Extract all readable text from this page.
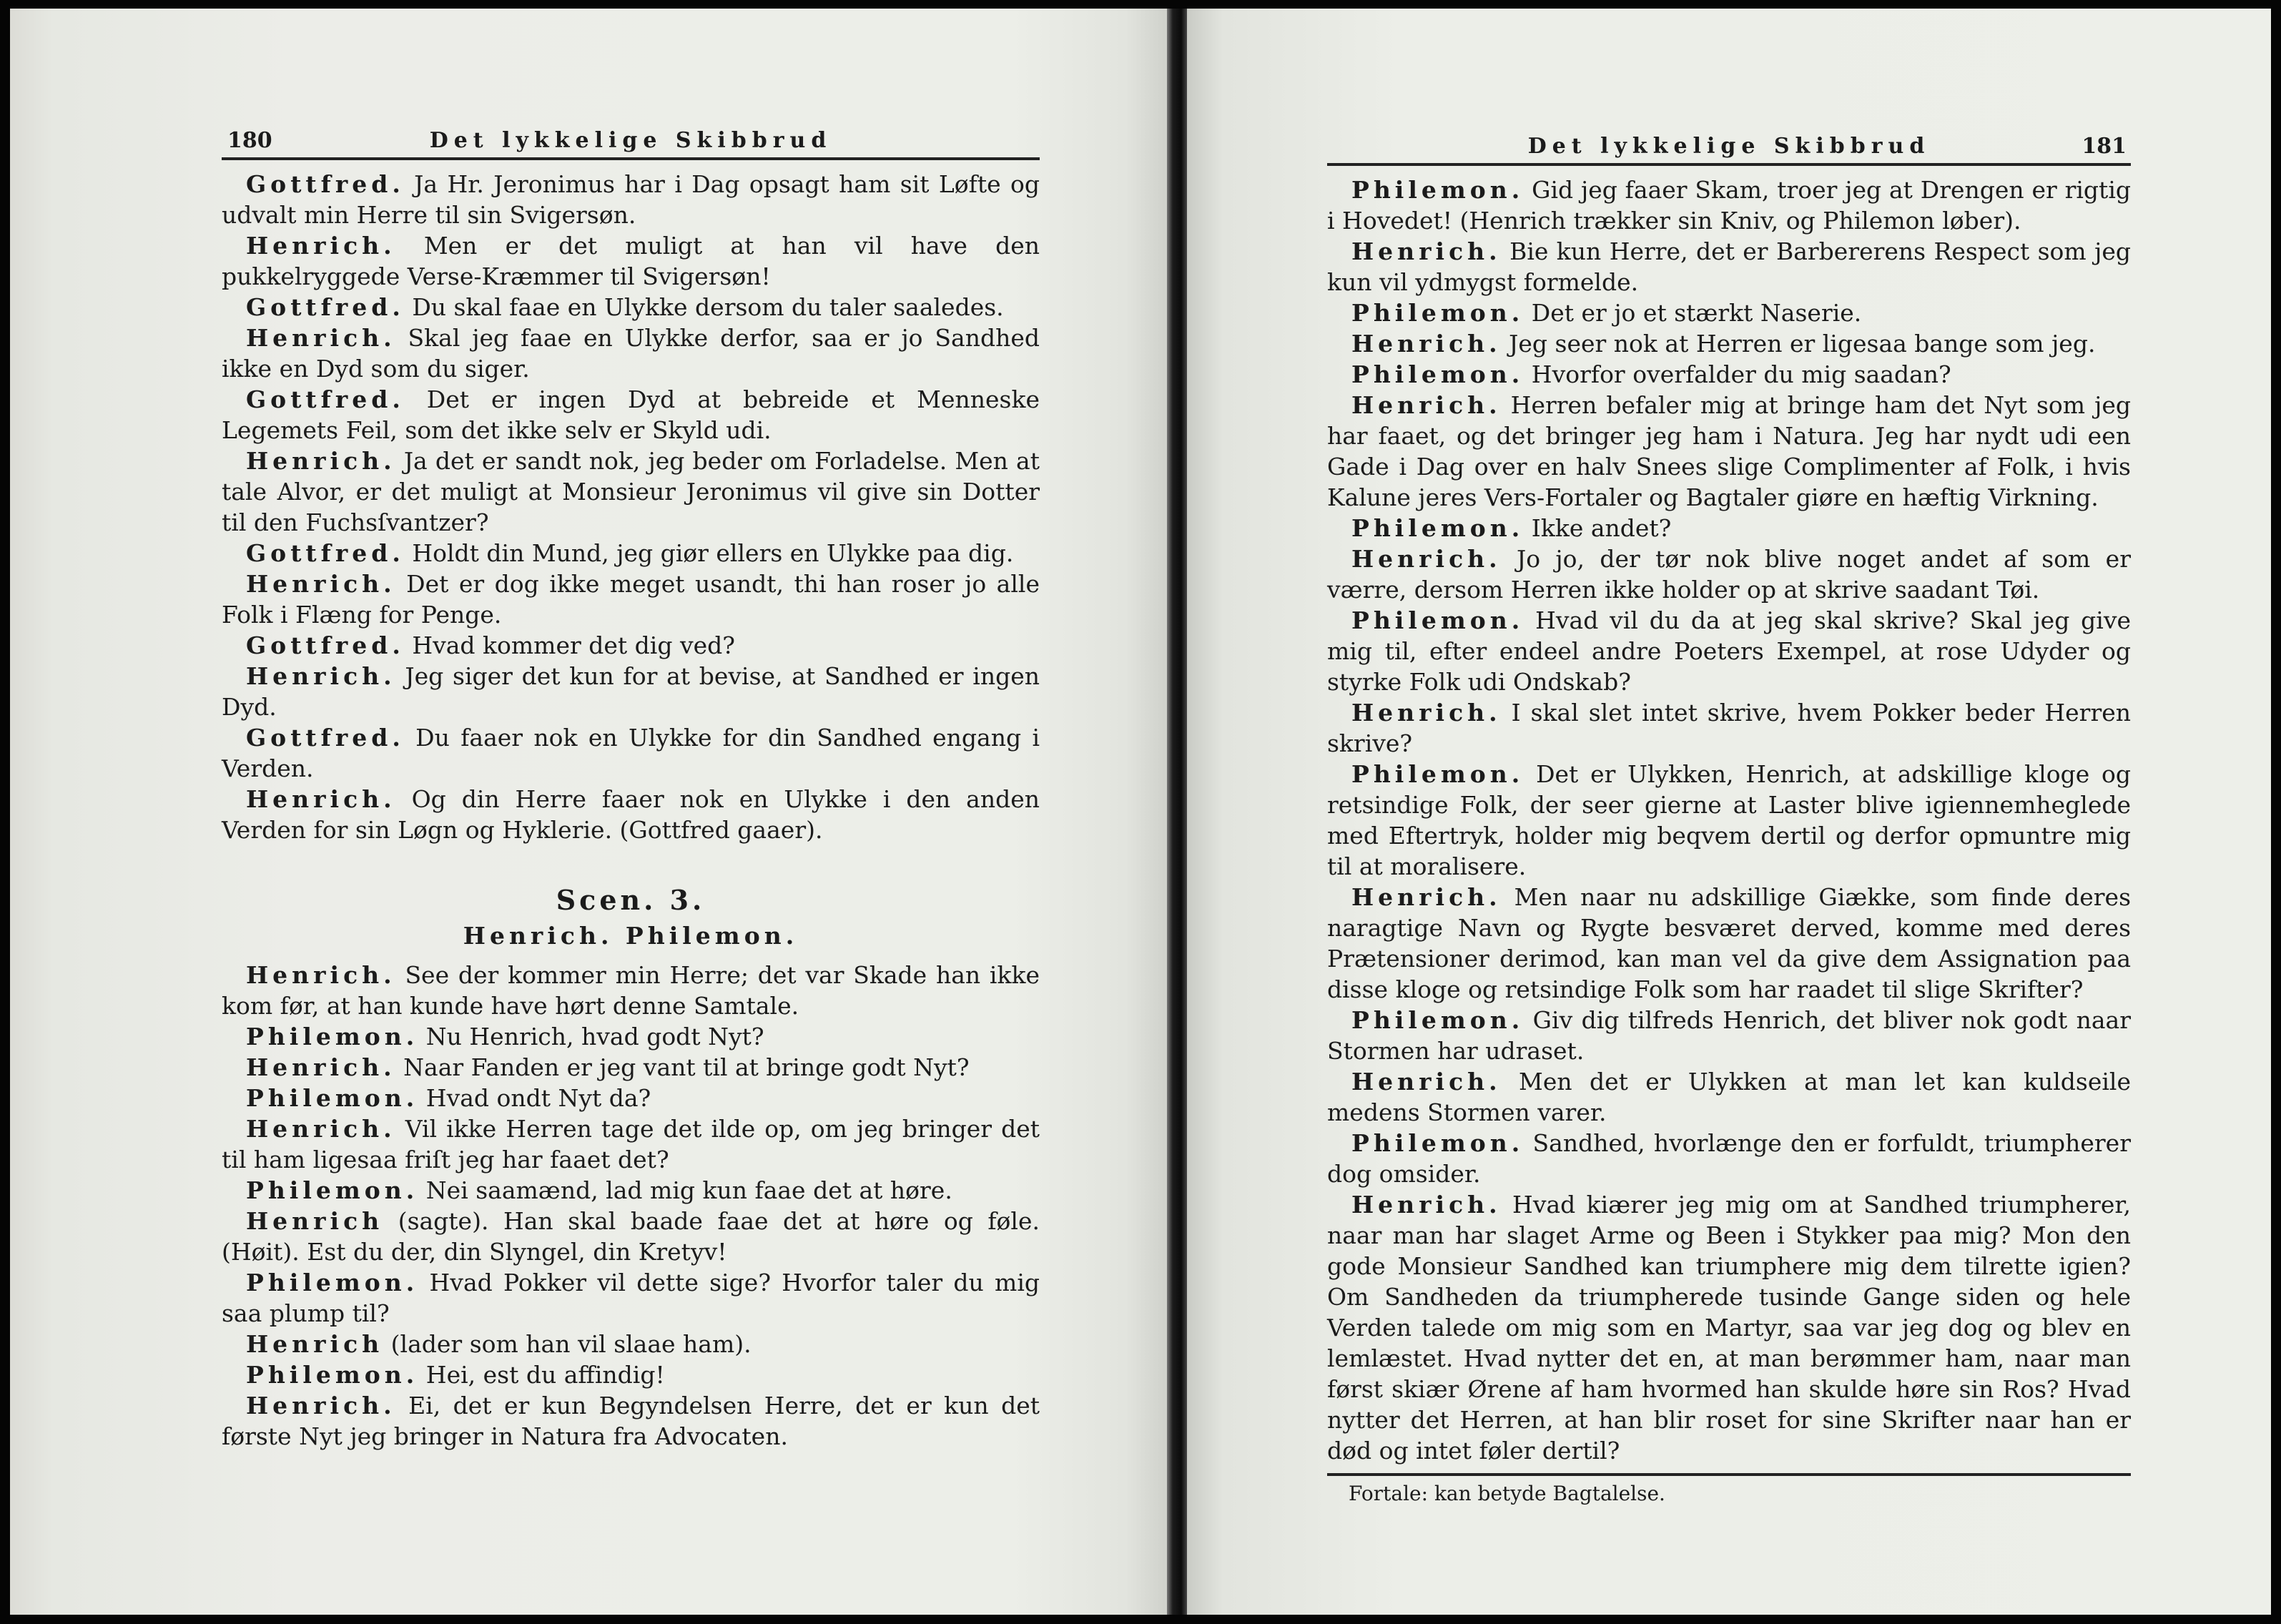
180	Det lykkelige Skibbrud

Gottfred. Ja Hr. Jeronimus har i Dag opsagt ham sit Løfte og udvalt min Herre til sin Svigersøn.

Henrich. Men er det muligt at han vil have den pukkelryggede Verse-Kræmmer til Svigersøn!

Gottfred. Du skal faae en Ulykke dersom du taler saaledes.

Henrich. Skal jeg faae en Ulykke derfor, saa er jo Sandhed ikke en Dyd som du siger.

Gottfred. Det er ingen Dyd at bebreide et Menneske Legemets Feil, som det ikke selv er Skyld udi.

Henrich. Ja det er sandt nok, jeg beder om Forladelse. Men at tale Alvor, er det muligt at Monsieur Jeronimus vil give sin Dotter til den Fuchsſvantzer?

Gottfred. Holdt din Mund, jeg giør ellers en Ulykke paa dig.

Henrich. Det er dog ikke meget usandt, thi han roser jo alle Folk i Flæng for Penge.

Gottfred. Hvad kommer det dig ved?

Henrich. Jeg siger det kun for at bevise, at Sandhed er ingen Dyd.

Gottfred. Du faaer nok en Ulykke for din Sandhed engang i Verden.

Henrich. Og din Herre faaer nok en Ulykke i den anden Verden for sin Løgn og Hyklerie. (Gottfred gaaer).

Scen. 3.
Henrich. Philemon.

Henrich. See der kommer min Herre; det var Skade han ikke kom før, at han kunde have hørt denne Samtale.

Philemon. Nu Henrich, hvad godt Nyt?

Henrich. Naar Fanden er jeg vant til at bringe godt Nyt?

Philemon. Hvad ondt Nyt da?

Henrich. Vil ikke Herren tage det ilde op, om jeg bringer det til ham ligesaa friſt jeg har faaet det?

Philemon. Nei saamænd, lad mig kun faae det at høre.

Henrich (sagte). Han skal baade faae det at høre og føle. (Høit). Est du der, din Slyngel, din Kretyv!

Philemon. Hvad Pokker vil dette sige? Hvorfor taler du mig saa plump til?

Henrich (lader som han vil slaae ham).

Philemon. Hei, est du affindig!

Henrich. Ei, det er kun Begyndelsen Herre, det er kun det første Nyt jeg bringer in Natura fra Advocaten.

Det lykkelige Skibbrud	181

Philemon. Gid jeg faaer Skam, troer jeg at Drengen er rigtig i Hovedet! (Henrich trækker sin Kniv, og Philemon løber).

Henrich. Bie kun Herre, det er Barbererens Respect som jeg kun vil ydmygst formelde.

Philemon. Det er jo et stærkt Naserie.

Henrich. Jeg seer nok at Herren er ligesaa bange som jeg.

Philemon. Hvorfor overfalder du mig saadan?

Henrich. Herren befaler mig at bringe ham det Nyt som jeg har faaet, og det bringer jeg ham i Natura. Jeg har nydt udi een Gade i Dag over en halv Snees slige Complimenter af Folk, i hvis Kalune jeres Vers-Fortaler og Bagtaler giøre en hæftig Virkning.

Philemon. Ikke andet?

Henrich. Jo jo, der tør nok blive noget andet af som er værre, dersom Herren ikke holder op at skrive saadant Tøi.

Philemon. Hvad vil du da at jeg skal skrive? Skal jeg give mig til, efter endeel andre Poeters Exempel, at rose Udyder og styrke Folk udi Ondskab?

Henrich. I skal slet intet skrive, hvem Pokker beder Herren skrive?

Philemon. Det er Ulykken, Henrich, at adskillige kloge og retsindige Folk, der seer gierne at Laster blive igiennemheglede med Eftertryk, holder mig beqvem dertil og derfor opmuntre mig til at moralisere.

Henrich. Men naar nu adskillige Giække, som finde deres naragtige Navn og Rygte besværet derved, komme med deres Prætensioner derimod, kan man vel da give dem Assignation paa disse kloge og retsindige Folk som har raadet til slige Skrifter?

Philemon. Giv dig tilfreds Henrich, det bliver nok godt naar Stormen har udraset.

Henrich. Men det er Ulykken at man let kan kuldseile medens Stormen varer.

Philemon. Sandhed, hvorlænge den er forfuldt, triumpherer dog omsider.

Henrich. Hvad kiærer jeg mig om at Sandhed triumpherer, naar man har slaget Arme og Been i Stykker paa mig? Mon den gode Monsieur Sandhed kan triumphere mig dem tilrette igien? Om Sandheden da triumpherede tusinde Gange siden og hele Verden talede om mig som en Martyr, saa var jeg dog og blev en lemlæstet. Hvad nytter det en, at man berømmer ham, naar man først skiær Ørene af ham hvormed han skulde høre sin Ros? Hvad nytter det Herren, at han blir roset for sine Skrifter naar han er død og intet føler dertil?

Fortale: kan betyde Bagtalelse.
